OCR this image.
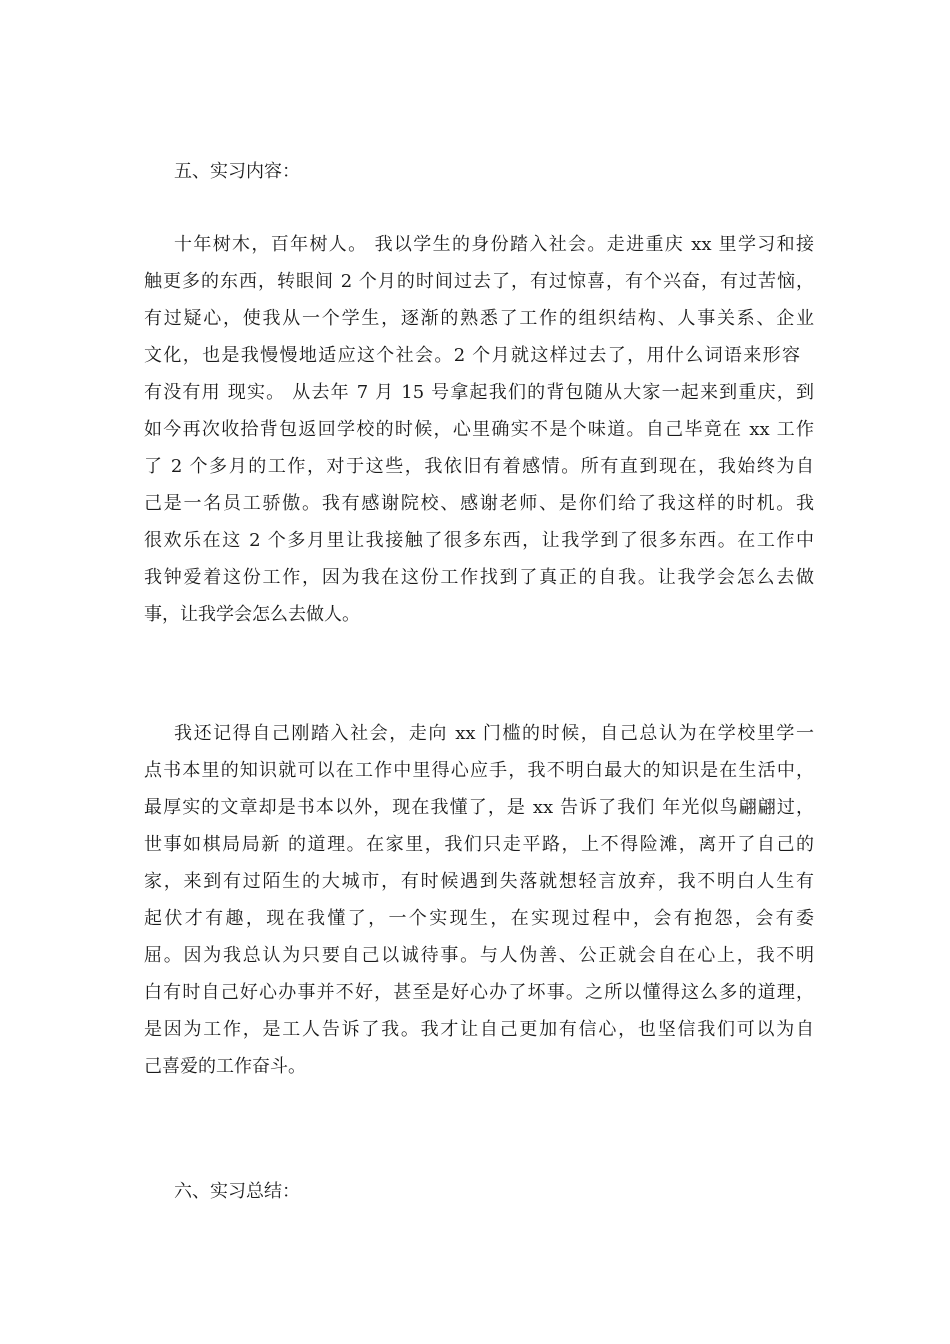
五、实习内容：
十年树木，百年树人。 我以学生的身份踏入社会。走进重庆 xx 里学习和接
触更多的东西，转眼间 2 个月的时间过去了，有过惊喜，有个兴奋，有过苦恼，
有过疑心，使我从一个学生，逐渐的熟悉了工作的组织结构、人事关系、企业
文化，也是我慢慢地适应这个社会。2 个月就这样过去了，用什么词语来形容
有没有用 现实。 从去年 7 月 15 号拿起我们的背包随从大家一起来到重庆，到
如今再次收拾背包返回学校的时候，心里确实不是个味道。自己毕竟在 xx 工作
了 2 个多月的工作，对于这些，我依旧有着感情。所有直到现在，我始终为自
己是一名员工骄傲。我有感谢院校、感谢老师、是你们给了我这样的时机。我
很欢乐在这 2 个多月里让我接触了很多东西，让我学到了很多东西。在工作中
我钟爱着这份工作，因为我在这份工作找到了真正的自我。让我学会怎么去做
事，让我学会怎么去做人。
我还记得自己刚踏入社会，走向 xx 门槛的时候，自己总认为在学校里学一
点书本里的知识就可以在工作中里得心应手，我不明白最大的知识是在生活中，
最厚实的文章却是书本以外，现在我懂了，是 xx 告诉了我们 年光似鸟翩翩过，
世事如棋局局新 的道理。在家里，我们只走平路，上不得险滩，离开了自己的
家，来到有过陌生的大城市，有时候遇到失落就想轻言放弃，我不明白人生有
起伏才有趣，现在我懂了，一个实现生，在实现过程中，会有抱怨，会有委
屈。因为我总认为只要自己以诚待事。与人伪善、公正就会自在心上，我不明
白有时自己好心办事并不好，甚至是好心办了坏事。之所以懂得这么多的道理，
是因为工作，是工人告诉了我。我才让自己更加有信心，也坚信我们可以为自
己喜爱的工作奋斗。
六、实习总结：
